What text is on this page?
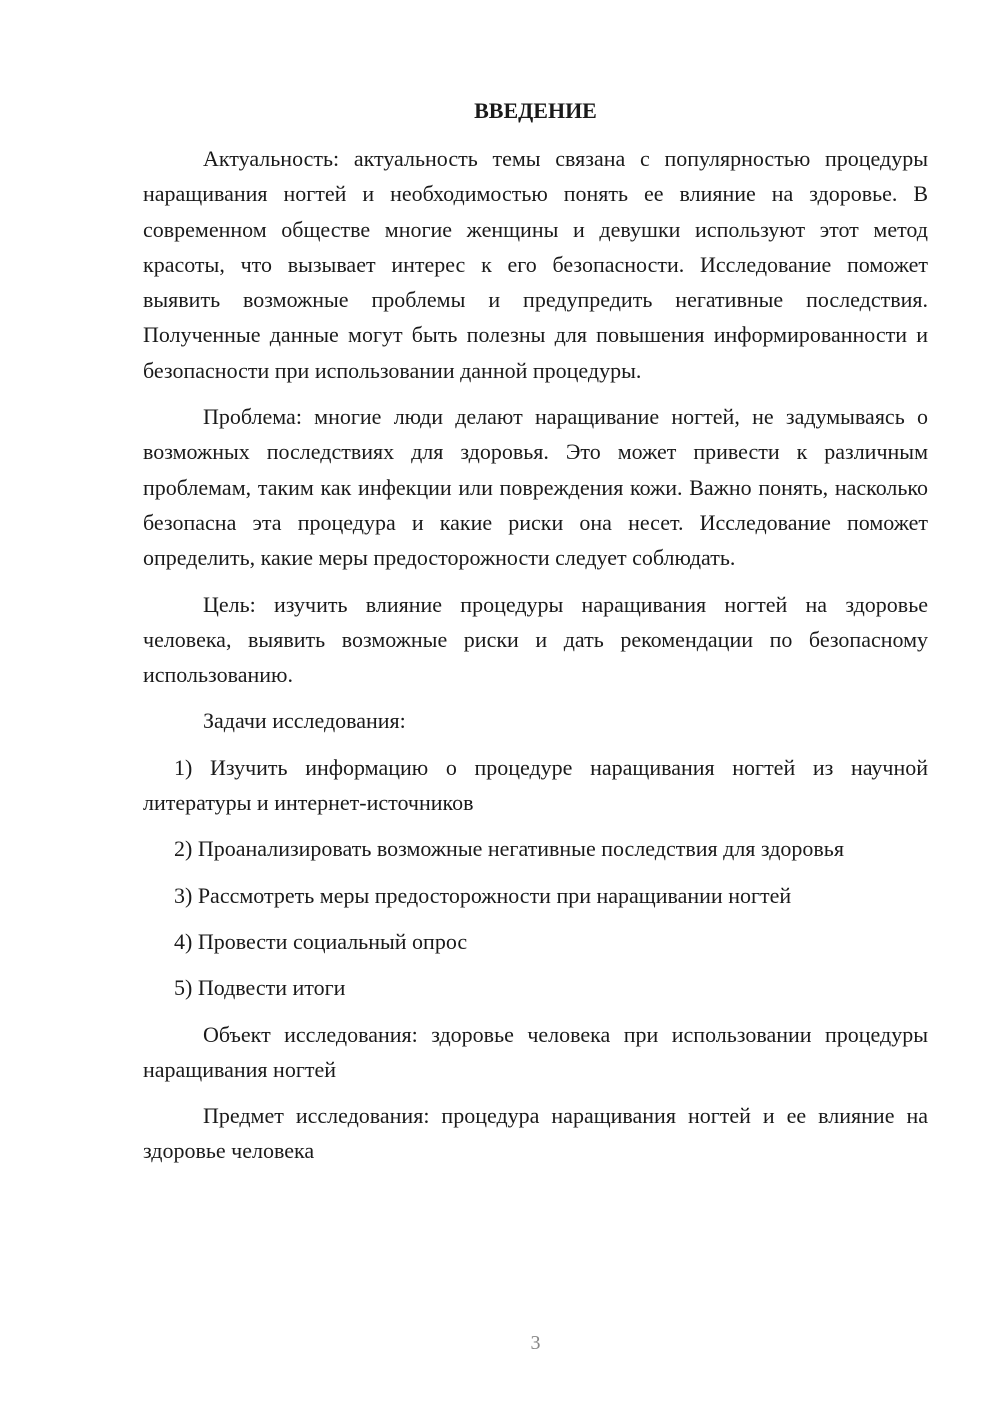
ВВЕДЕНИЕ

Актуальность: актуальность темы связана с популярностью процедуры наращивания ногтей и необходимостью понять ее влияние на здоровье. В современном обществе многие женщины и девушки используют этот метод красоты, что вызывает интерес к его безопасности. Исследование поможет выявить возможные проблемы и предупредить негативные последствия. Полученные данные могут быть полезны для повышения информированности и безопасности при использовании данной процедуры.

Проблема: многие люди делают наращивание ногтей, не задумываясь о возможных последствиях для здоровья. Это может привести к различным проблемам, таким как инфекции или повреждения кожи. Важно понять, насколько безопасна эта процедура и какие риски она несет. Исследование поможет определить, какие меры предосторожности следует соблюдать.

Цель: изучить влияние процедуры наращивания ногтей на здоровье человека, выявить возможные риски и дать рекомендации по безопасному использованию.

Задачи исследования:

1) Изучить информацию о процедуре наращивания ногтей из научной литературы и интернет-источников

2) Проанализировать возможные негативные последствия для здоровья

3) Рассмотреть меры предосторожности при наращивании ногтей

4) Провести социальный опрос

5) Подвести итоги

Объект исследования: здоровье человека при использовании процедуры наращивания ногтей

Предмет исследования: процедура наращивания ногтей и ее влияние на здоровье человека

3
